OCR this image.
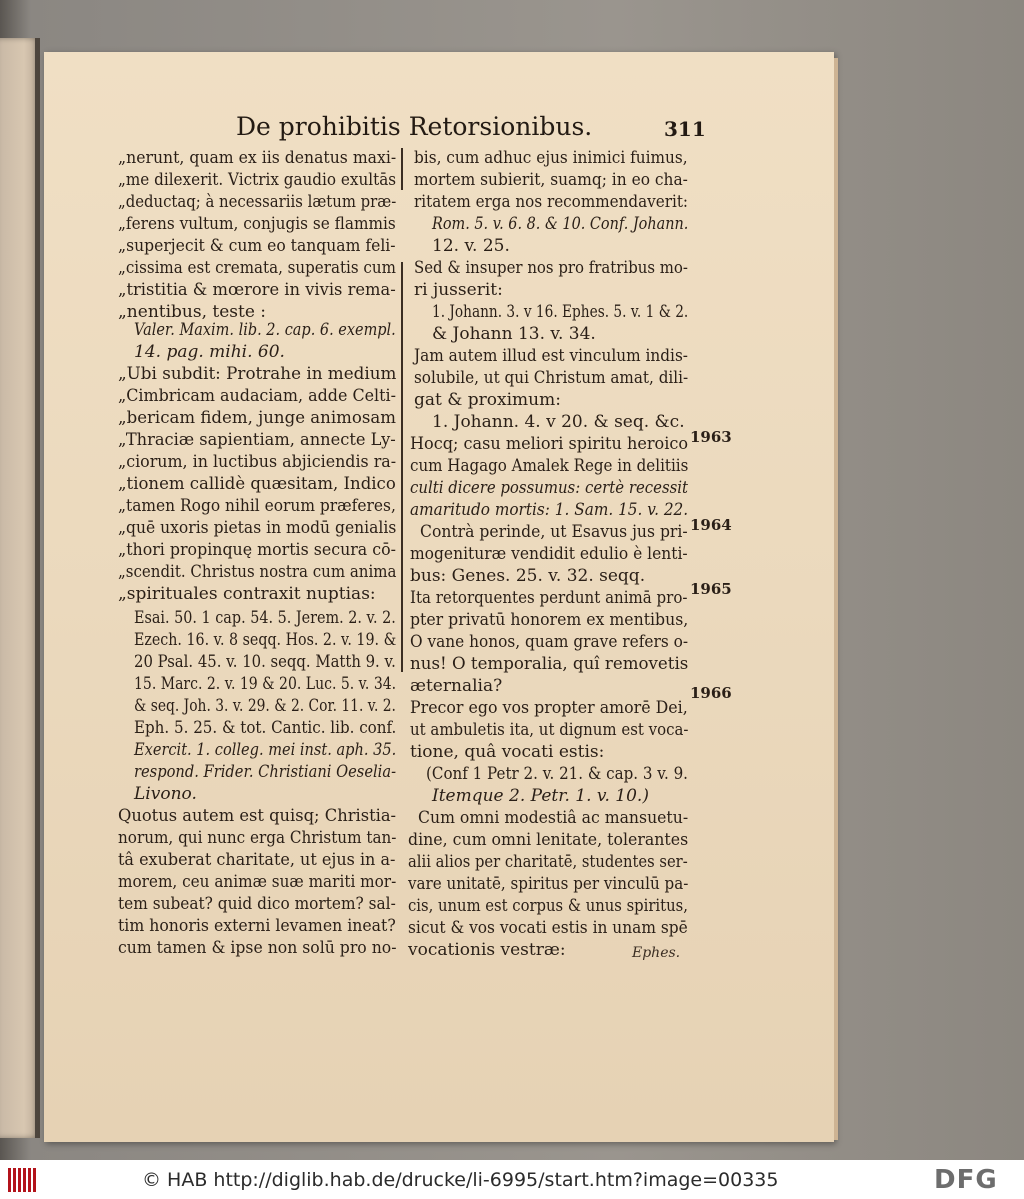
De prohibitis Retorsionibus.	311

„nerunt, quam ex iis denatus maxi-

„me dilexerit. Victrix gaudio exultās

„deductaq; à necessariis lætum præ-

„ferens vultum, conjugis se flammis

„superjecit & cum eo tanquam feli-

„cissima est cremata, superatis cum

„tristitia & mœrore in vivis rema-

„nentibus, teste :

Valer. Maxim. lib. 2. cap. 6. exempl.

14. pag. mihi. 60.

„Ubi subdit: Protrahe in medium

„Cimbricam audaciam, adde Celti-

„bericam fidem, junge animosam

„Thraciæ sapientiam, annecte Ly-

„ciorum, in luctibus abjiciendis ra-

„tionem callidè quæsitam, Indico

„tamen Rogo nihil eorum præferes,

„quē uxoris pietas in modū genialis

„thori propinquę mortis secura cō-

„scendit. Christus nostra cum anima

„spirituales contraxit nuptias:

Esai. 50. 1 cap. 54. 5. Jerem. 2. v. 2.

Ezech. 16. v. 8 seqq. Hos. 2. v. 19. &

20 Psal. 45. v. 10. seqq. Matth 9. v.

15. Marc. 2. v. 19 & 20. Luc. 5. v. 34.

& seq. Joh. 3. v. 29. & 2. Cor. 11. v. 2.

Eph. 5. 25. & tot. Cantic. lib. conf.

Exercit. 1. colleg. mei inst. aph. 35.

respond. Frider. Christiani Oeselia-

Livono.

Quotus autem est quisq; Christia-

norum, qui nunc erga Christum tan-

tâ exuberat charitate, ut ejus in a-

morem, ceu animæ suæ mariti mor-

tem subeat? quid dico mortem? sal-

tim honoris externi levamen ineat?

cum tamen & ipse non solū pro no-

bis, cum adhuc ejus inimici fuimus,

mortem subierit, suamq; in eo cha-

ritatem erga nos recommendaverit:

Rom. 5. v. 6. 8. & 10. Conf. Johann.

12. v. 25.

Sed & insuper nos pro fratribus mo-

ri jusserit:

1. Johann. 3. v 16. Ephes. 5. v. 1 & 2.

& Johann 13. v. 34.

Jam autem illud est vinculum indis-

solubile, ut qui Christum amat, dili-

gat & proximum:

1. Johann. 4. v 20. & seq. &c.

Hocq; casu meliori spiritu heroico

cum Hagago Amalek Rege in delitiis

culti dicere possumus: certè recessit

amaritudo mortis: 1. Sam. 15. v. 22.

Contrà perinde, ut Esavus jus pri-

mogenituræ vendidit edulio è lenti-

bus: Genes. 25. v. 32. seqq.

Ita retorquentes perdunt animā pro-

pter privatū honorem ex mentibus,

O vane honos, quam grave refers o-

nus! O temporalia, quî removetis

æternalia?

Precor ego vos propter amorē Dei,

ut ambuletis ita, ut dignum est voca-

tione, quâ vocati estis:

(Conf 1 Petr 2. v. 21. & cap. 3 v. 9.

Itemque 2. Petr. 1. v. 10.)

Cum omni modestiâ ac mansuetu-

dine, cum omni lenitate, tolerantes

alii alios per charitatē, studentes ser-

vare unitatē, spiritus per vinculū pa-

cis, unum est corpus & unus spiritus,

sicut & vos vocati estis in unam spē

vocationis vestræ:

1963
1964
1965
1966
Ephes.
© HAB http://diglib.hab.de/drucke/li-6995/start.htm?image=00335	DFG
